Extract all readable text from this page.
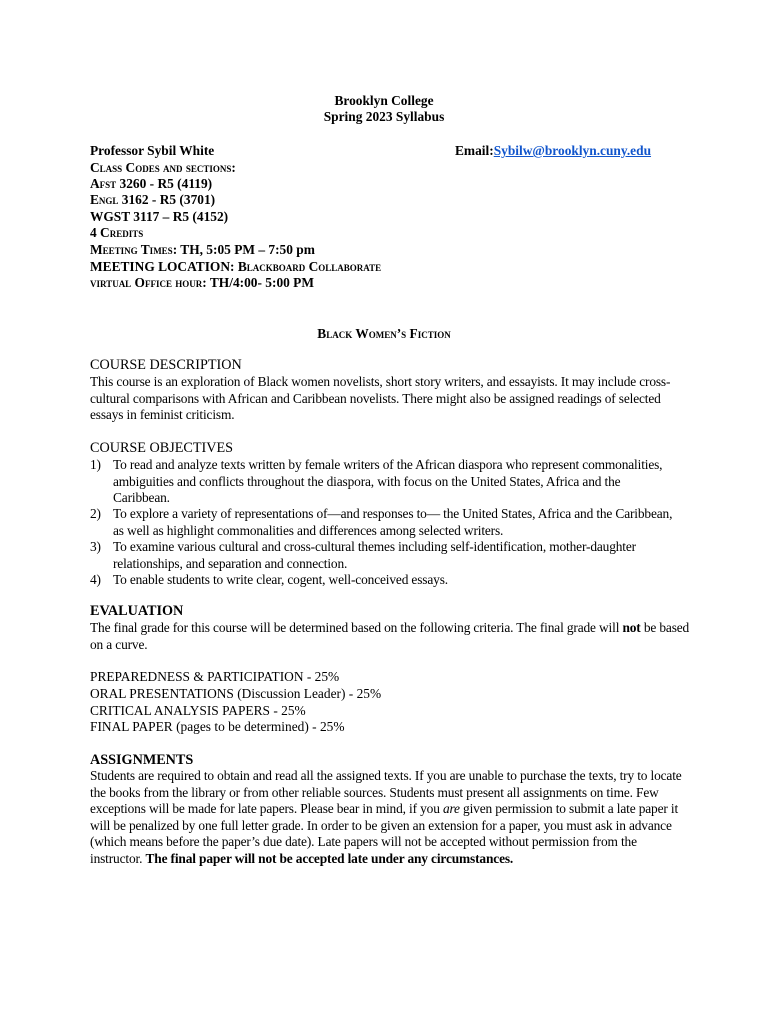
Brooklyn College
Spring 2023 Syllabus
Professor Sybil White	Email:Sybilw@brooklyn.cuny.edu
Class Codes and sections:
Afst 3260 - R5 (4119)
Engl 3162 - R5 (3701)
WGST 3117 – R5 (4152)
4 Credits
Meeting Times: TH, 5:05 PM – 7:50 pm
MEETING LOCATION: Blackboard Collaborate
virtual Office hour: TH/4:00- 5:00 PM
Black Women’s Fiction
COURSE DESCRIPTION
This course is an exploration of Black women novelists, short story writers, and essayists. It may include cross-cultural comparisons with African and Caribbean novelists. There might also be assigned readings of selected essays in feminist criticism.
COURSE OBJECTIVES
1) To read and analyze texts written by female writers of the African diaspora who represent commonalities, ambiguities and conflicts throughout the diaspora, with focus on the United States, Africa and the Caribbean.
2) To explore a variety of representations of—and responses to— the United States, Africa and the Caribbean, as well as highlight commonalities and differences among selected writers.
3) To examine various cultural and cross-cultural themes including self-identification, mother-daughter relationships, and separation and connection.
4) To enable students to write clear, cogent, well-conceived essays.
EVALUATION
The final grade for this course will be determined based on the following criteria. The final grade will not be based on a curve.
PREPAREDNESS & PARTICIPATION - 25%
ORAL PRESENTATIONS (Discussion Leader) - 25%
CRITICAL ANALYSIS PAPERS - 25%
FINAL PAPER (pages to be determined) - 25%
ASSIGNMENTS
Students are required to obtain and read all the assigned texts. If you are unable to purchase the texts, try to locate the books from the library or from other reliable sources. Students must present all assignments on time. Few exceptions will be made for late papers. Please bear in mind, if you are given permission to submit a late paper it will be penalized by one full letter grade. In order to be given an extension for a paper, you must ask in advance (which means before the paper’s due date). Late papers will not be accepted without permission from the instructor. The final paper will not be accepted late under any circumstances.
